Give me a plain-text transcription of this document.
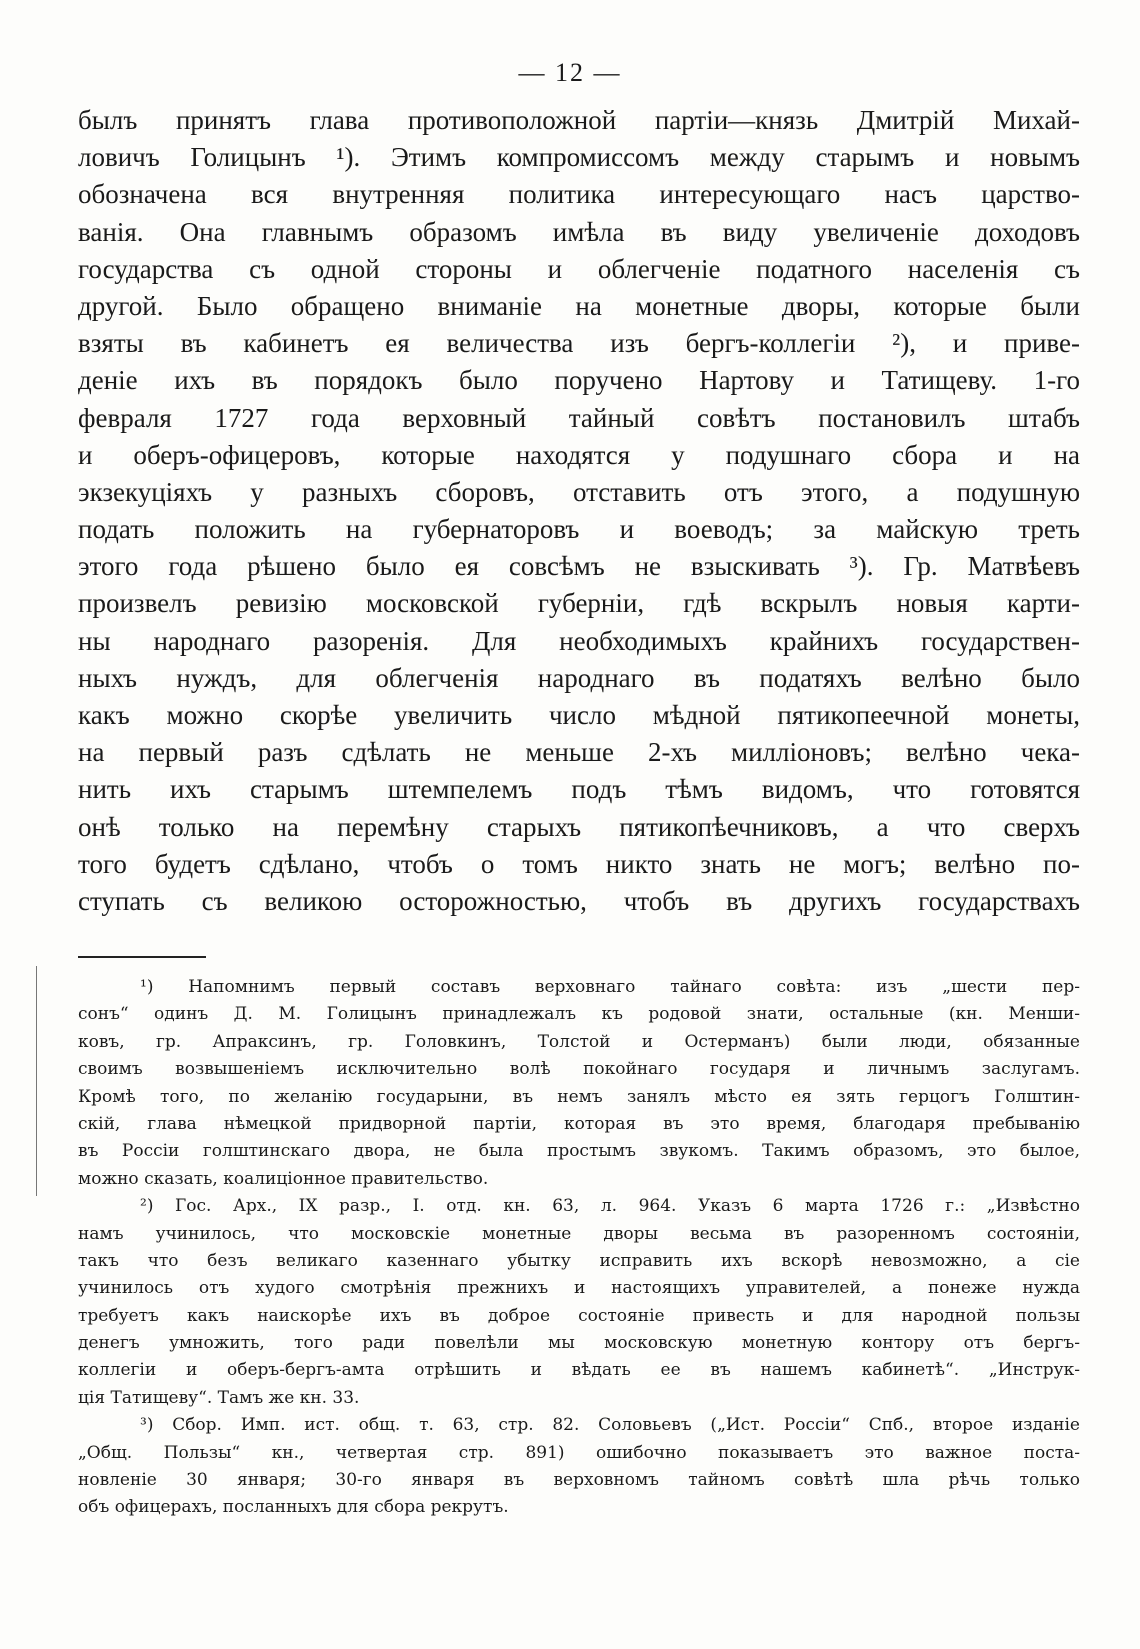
— 12 —
былъ принятъ глава противоположной партіи—князь Дмитрій Михай-
ловичъ Голицынъ ¹). Этимъ компромиссомъ между старымъ и новымъ
обозначена вся внутренняя политика интересующаго насъ царство-
ванія. Она главнымъ образомъ имѣла въ виду увеличеніе доходовъ
государства съ одной стороны и облегченіе податного населенія съ
другой. Было обращено вниманіе на монетные дворы, которые были
взяты въ кабинетъ ея величества изъ бергъ-коллегіи ²), и приве-
деніе ихъ въ порядокъ было поручено Нартову и Татищеву. 1-го
февраля 1727 года верховный тайный совѣтъ постановилъ штабъ
и оберъ-офицеровъ, которые находятся у подушнаго сбора и на
экзекуціяхъ у разныхъ сборовъ, отставить отъ этого, а подушную
подать положить на губернаторовъ и воеводъ; за майскую треть
этого года рѣшено было ея совсѣмъ не взыскивать ³). Гр. Матвѣевъ
произвелъ ревизію московской губерніи, гдѣ вскрылъ новыя карти-
ны народнаго разоренія. Для необходимыхъ крайнихъ государствен-
ныхъ нуждъ, для облегченія народнаго въ податяхъ велѣно было
какъ можно скорѣе увеличить число мѣдной пятикопеечной монеты,
на первый разъ сдѣлать не меньше 2-хъ милліоновъ; велѣно чека-
нить ихъ старымъ штемпелемъ подъ тѣмъ видомъ, что готовятся
онѣ только на перемѣну старыхъ пятикопѣечниковъ, а что сверхъ
того будетъ сдѣлано, чтобъ о томъ никто знать не могъ; велѣно по-
ступать съ великою осторожностью, чтобъ въ другихъ государствахъ
¹) Напомнимъ первый составъ верховнаго тайнаго совѣта: изъ „шести пер-
сонъ“ одинъ Д. М. Голицынъ принадлежалъ къ родовой знати, остальные (кн. Менши-
ковъ, гр. Апраксинъ, гр. Головкинъ, Толстой и Остерманъ) были люди, обязанные
своимъ возвышеніемъ исключительно волѣ покойнаго государя и личнымъ заслугамъ.
Кромѣ того, по желанію государыни, въ немъ занялъ мѣсто ея зять герцогъ Голштин-
скій, глава нѣмецкой придворной партіи, которая въ это время, благодаря пребыванію
въ Россіи голштинскаго двора, не была простымъ звукомъ. Такимъ образомъ, это былое,
можно сказать, коалиціонное правительство.
²) Гос. Арх., IX разр., I. отд. кн. 63, л. 964. Указъ 6 марта 1726 г.: „Извѣстно
намъ учинилось, что московскіе монетные дворы весьма въ разоренномъ состояніи,
такъ что безъ великаго казеннаго убытку исправить ихъ вскорѣ невозможно, а сіе
учинилось отъ худого смотрѣнія прежнихъ и настоящихъ управителей, а понеже нужда
требуетъ какъ наискорѣе ихъ въ доброе состояніе привесть и для народной пользы
денегъ умножить, того ради повелѣли мы московскую монетную контору отъ бергъ-
коллегіи и оберъ-бергъ-амта отрѣшить и вѣдать ее въ нашемъ кабинетѣ“. „Инструк-
ція Татищеву“. Тамъ же кн. 33.
³) Сбор. Имп. ист. общ. т. 63, стр. 82. Соловьевъ („Ист. Россіи“ Спб., второе изданіе
„Общ. Пользы“ кн., четвертая стр. 891) ошибочно показываетъ это важное поста-
новленіе 30 января; 30-го января въ верховномъ тайномъ совѣтѣ шла рѣчь только
объ офицерахъ, посланныхъ для сбора рекрутъ.
